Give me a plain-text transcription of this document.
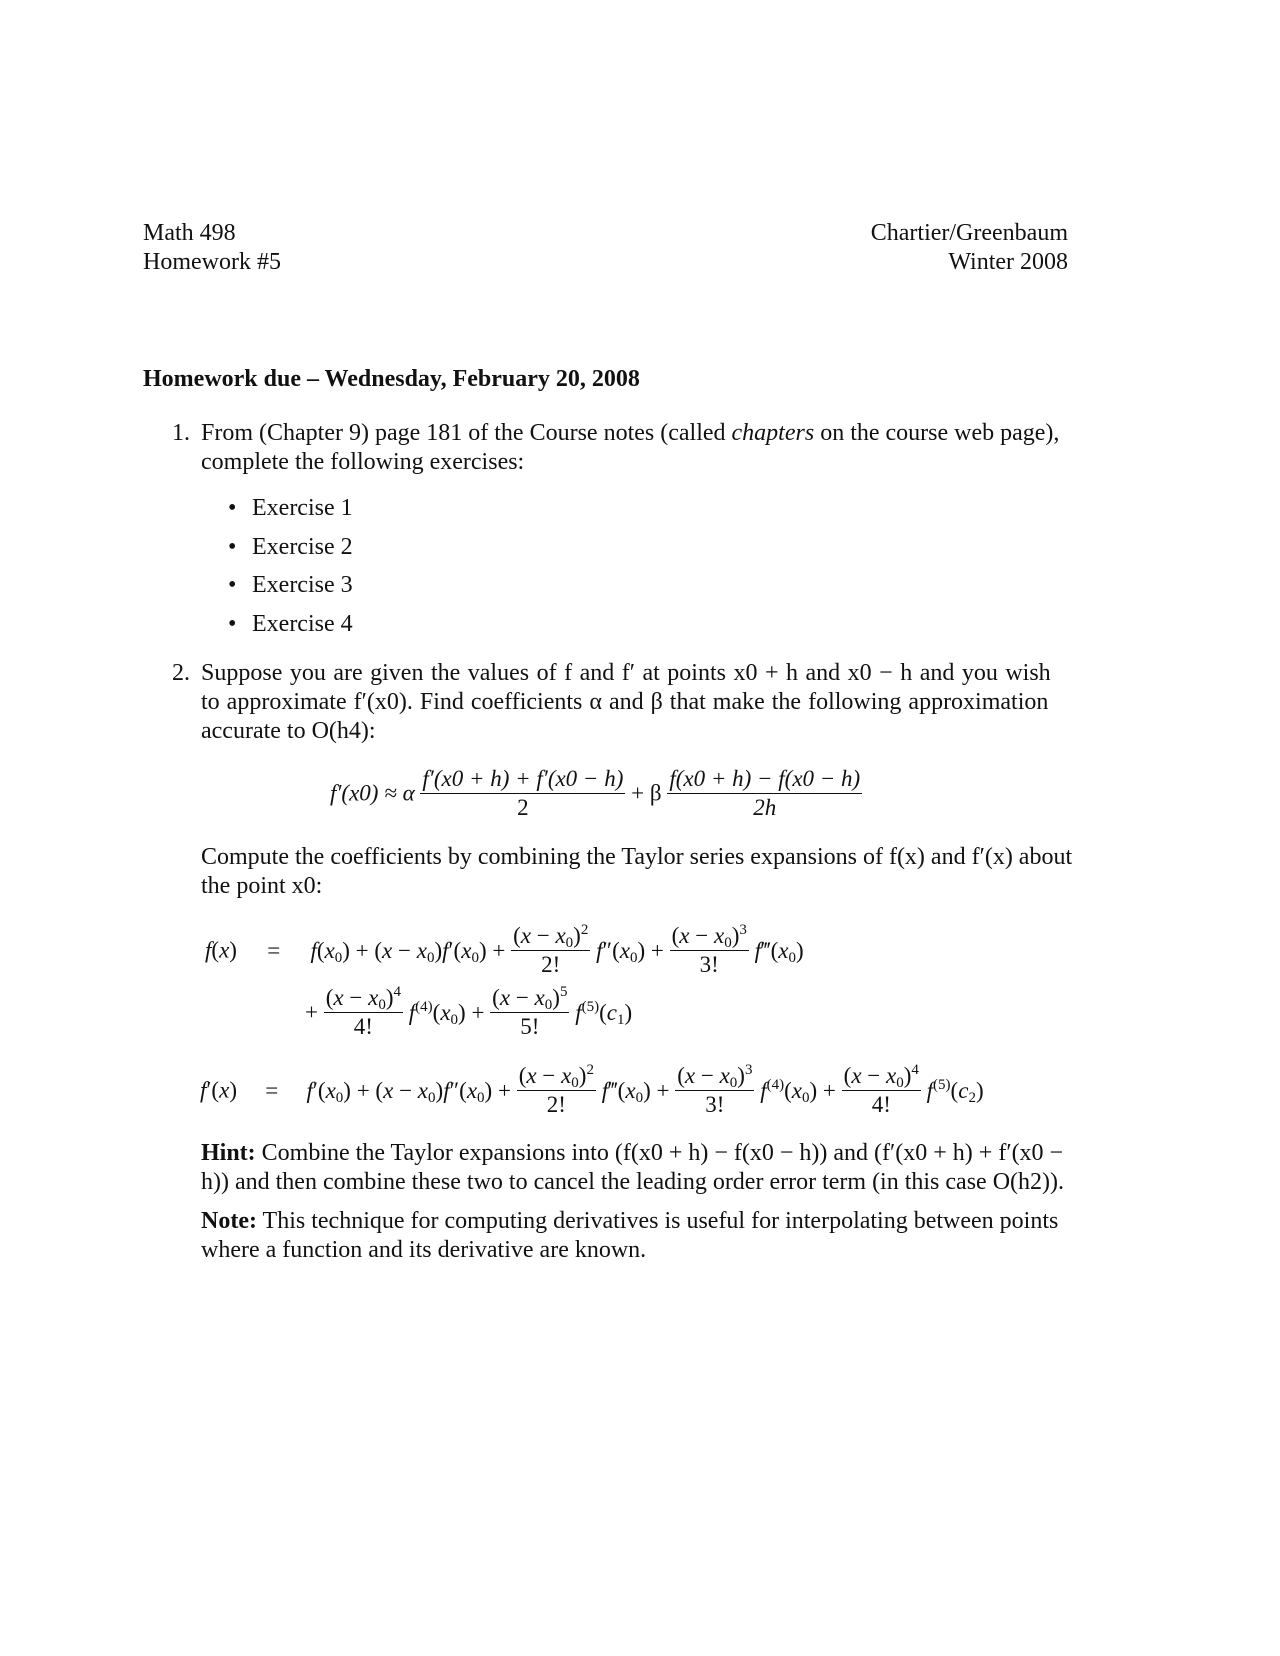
Math 498
Homework #5
Chartier/Greenbaum
Winter 2008
Homework due – Wednesday, February 20, 2008
1. From (Chapter 9) page 181 of the Course notes (called chapters on the course web page),
complete the following exercises:
• Exercise 1
• Exercise 2
• Exercise 3
• Exercise 4
2. Suppose you are given the values of f and f′ at points x0 + h and x0 − h and you wish
to approximate f′(x0). Find coefficients α and β that make the following approximation
accurate to O(h4):
f′(x0) ≈ α $\frac{f'(x0 + h) + f'(x0 - h)}{2} + \beta \frac{f(x0 + h) - f(x0 - h)}{2h}$
Compute the coefficients by combining the Taylor series expansions of f(x) and f′(x) about
the point x0:
$f(x) = f(x_0) + (x - x_0)f'(x_0) + \frac{(x - x_0)^2}{2!} f''(x_0) + \frac{(x - x_0)^3}{3!}$ $f‴(x_0)$
+ $\frac{(x - x_0)^4}{4!} f^{(4)}(x_0) + \frac{(x - x_0)^5}{5!} f^{(5)}(c_1)$
$f'(x) = f'(x_0) + (x - x_0)f''(x_0) + \frac{(x - x_0)^2}{2!}$ $f‴(x_0) + \frac{(x - x_0)^3}{3!} f^{(4)}(x_0) + \frac{(x - x_0)^4}{4!} f^{(5)}(c_2)$
Hint: Combine the Taylor expansions into (f(x0 + h) − f(x0 − h)) and (f′(x0 + h) + f′(x0 −
h)) and then combine these two to cancel the leading order error term (in this case O(h2)).
Note: This technique for computing derivatives is useful for interpolating between points
where a function and its derivative are known.
